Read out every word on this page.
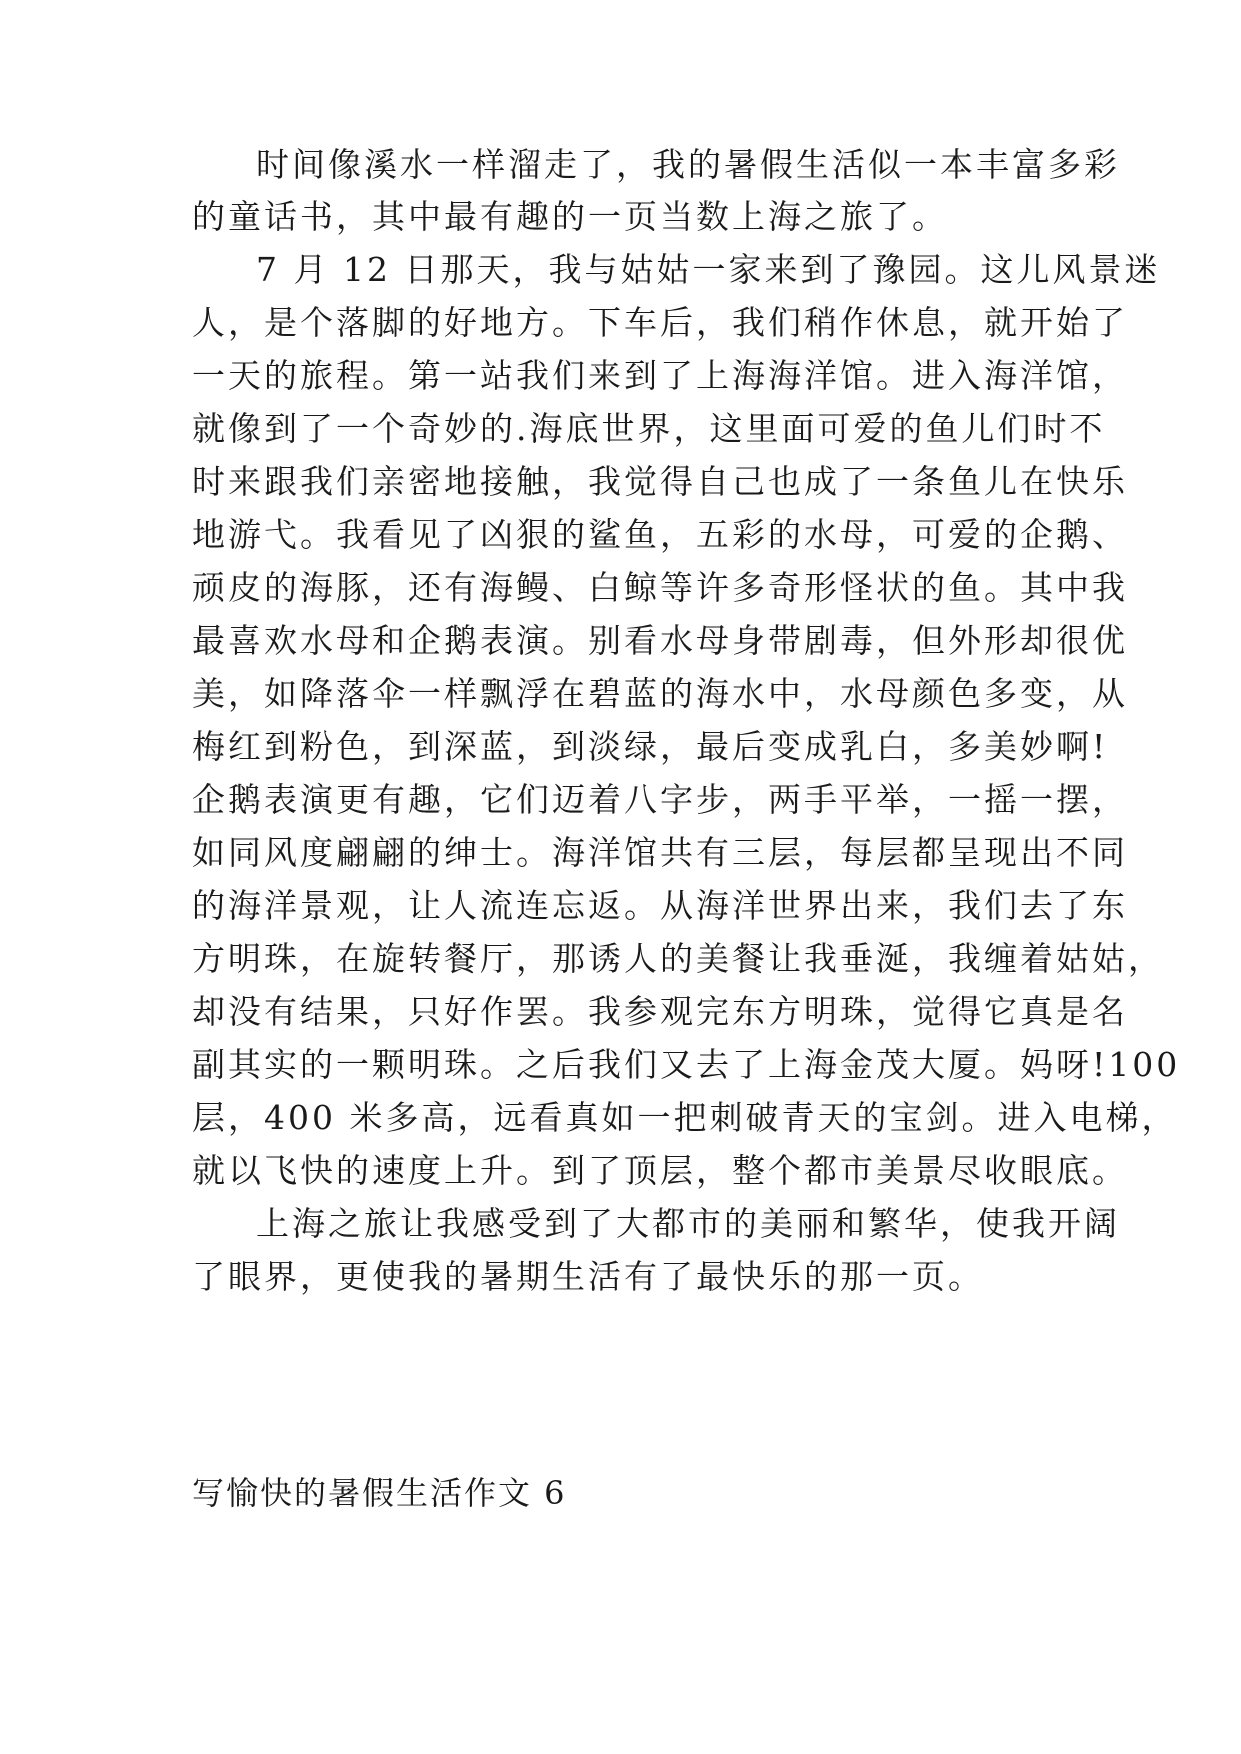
时间像溪水一样溜走了，我的暑假生活似一本丰富多彩
的童话书，其中最有趣的一页当数上海之旅了。
7 月 12 日那天，我与姑姑一家来到了豫园。这儿风景迷
人，是个落脚的好地方。下车后，我们稍作休息，就开始了
一天的旅程。第一站我们来到了上海海洋馆。进入海洋馆，
就像到了一个奇妙的.海底世界，这里面可爱的鱼儿们时不
时来跟我们亲密地接触，我觉得自己也成了一条鱼儿在快乐
地游弋。我看见了凶狠的鲨鱼，五彩的水母，可爱的企鹅、
顽皮的海豚，还有海鳗、白鲸等许多奇形怪状的鱼。其中我
最喜欢水母和企鹅表演。别看水母身带剧毒，但外形却很优
美，如降落伞一样飘浮在碧蓝的海水中，水母颜色多变，从
梅红到粉色，到深蓝，到淡绿，最后变成乳白，多美妙啊!
企鹅表演更有趣，它们迈着八字步，两手平举，一摇一摆，
如同风度翩翩的绅士。海洋馆共有三层，每层都呈现出不同
的海洋景观，让人流连忘返。从海洋世界出来，我们去了东
方明珠，在旋转餐厅，那诱人的美餐让我垂涎，我缠着姑姑，
却没有结果，只好作罢。我参观完东方明珠，觉得它真是名
副其实的一颗明珠。之后我们又去了上海金茂大厦。妈呀!100
层，400 米多高，远看真如一把刺破青天的宝剑。进入电梯，
就以飞快的速度上升。到了顶层，整个都市美景尽收眼底。
上海之旅让我感受到了大都市的美丽和繁华，使我开阔
了眼界，更使我的暑期生活有了最快乐的那一页。
写愉快的暑假生活作文 6
